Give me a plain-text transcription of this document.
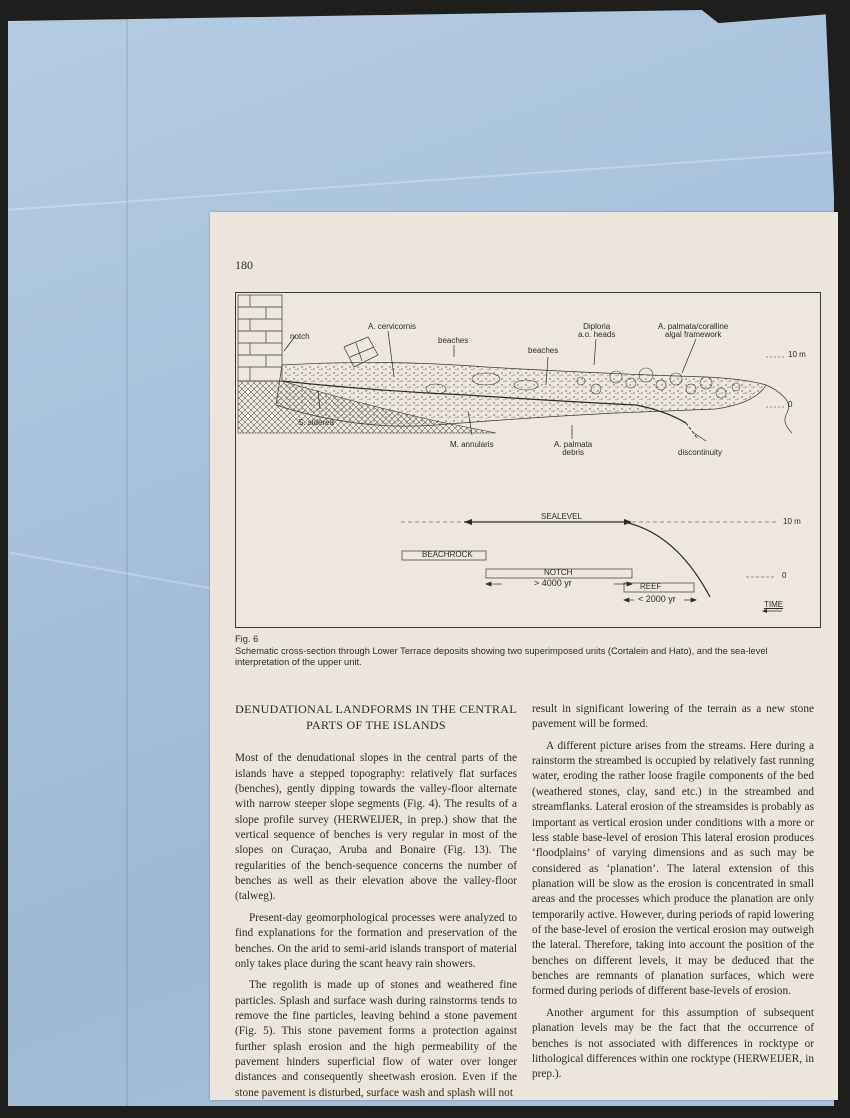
180
notch
A. cervicornis
beaches
beaches
Diploria
a.o. heads
A. palmata/coralline
algal framework
10 m
0
S. siderea
M. annularis	A. palmata
debris	discontinuity
SEALEVEL
10 m
BEACHROCK
NOTCH
> 4000 yr
0
REEF
< 2000 yr
TIME
Fig. 6
Schematic cross-section through Lower Terrace deposits showing two superimposed units (Cortalein and Hato), and the sea-level interpretation of the upper unit.
DENUDATIONAL LANDFORMS IN THE CENTRAL
PARTS OF THE ISLANDS

Most of the denudational slopes in the central parts of the islands have a stepped topography: relatively flat surfaces (benches), gently dipping towards the valley-floor alternate with narrow steeper slope segments (Fig. 4). The results of a slope profile survey (HERWEIJER, in prep.) show that the vertical sequence of benches is very regular in most of the slopes on Curaçao, Aruba and Bonaire (Fig. 13). The regularities of the bench-sequence concerns the number of benches as well as their elevation above the valley-floor (talweg).

Present-day geomorphological processes were analyzed to find explanations for the formation and preservation of the benches. On the arid to semi-arid islands transport of material only takes place during the scant heavy rain showers.

The regolith is made up of stones and weathered fine particles. Splash and surface wash during rainstorms tends to remove the fine particles, leaving behind a stone pavement (Fig. 5). This stone pavement forms a protection against further splash erosion and the high permeability of the pavement hinders superficial flow of water over longer distances and consequently sheetwash erosion. Even if the stone pavement is disturbed, surface wash and splash will not

result in significant lowering of the terrain as a new stone pavement will be formed.

A different picture arises from the streams. Here during a rainstorm the streambed is occupied by relatively fast running water, eroding the rather loose fragile components of the bed (weathered stones, clay, sand etc.) in the streambed and streamflanks. Lateral erosion of the streamsides is probably as important as vertical erosion under conditions with a more or less stable base-level of erosion This lateral erosion produces ‘floodplains’ of varying dimensions and as such may be considered as ‘planation’. The lateral extension of this planation will be slow as the erosion is concentrated in small areas and the processes which produce the planation are only temporarily active. However, during periods of rapid lowering of the base-level of erosion the vertical erosion may outweigh the lateral. Therefore, taking into account the position of the benches on different levels, it may be deduced that the benches are remnants of planation surfaces, which were formed during periods of different base-levels of erosion.

Another argument for this assumption of subsequent planation levels may be the fact that the occurrence of benches is not associated with differences in rocktype or lithological differences within one rocktype (HERWEIJER, in prep.).
